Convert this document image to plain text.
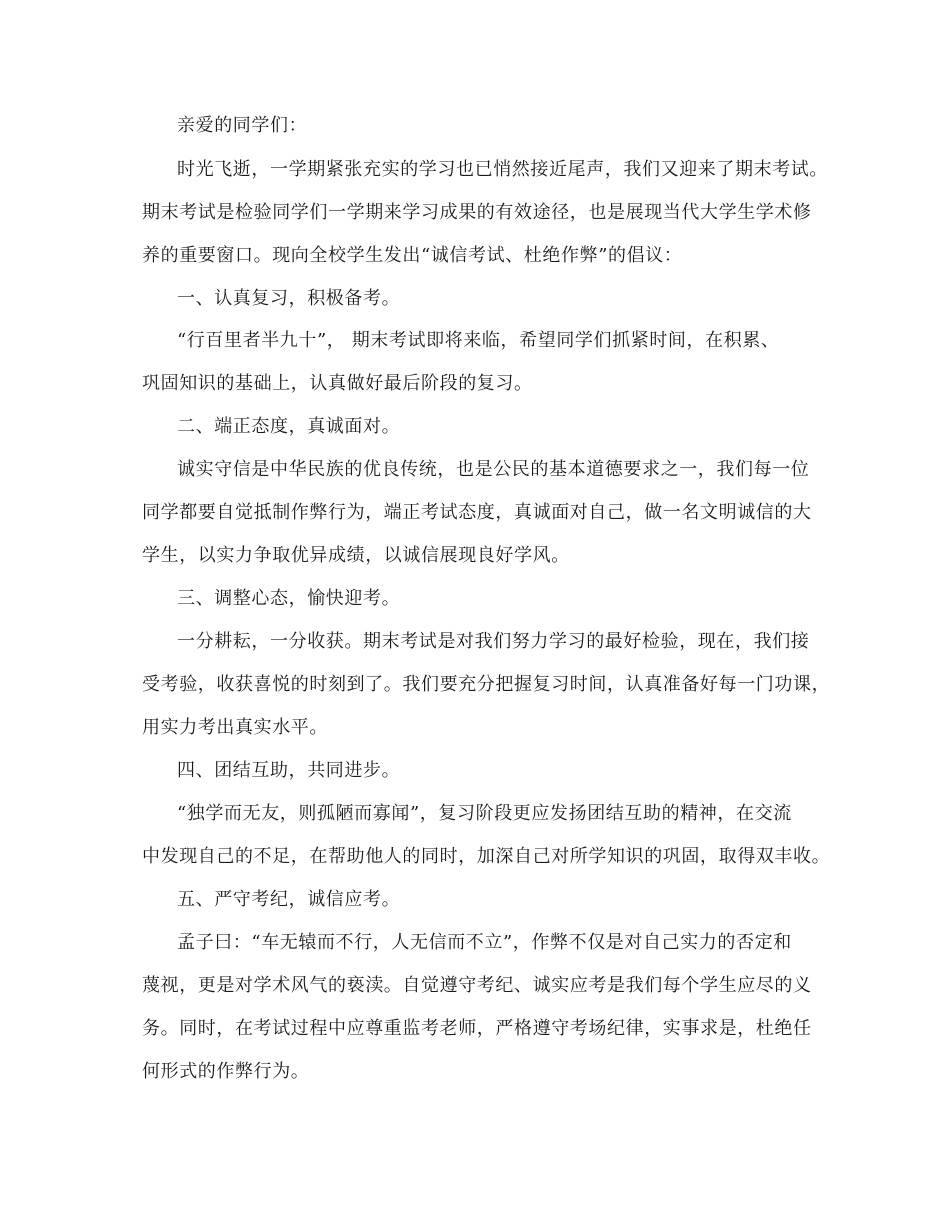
亲爱的同学们：

时光飞逝，一学期紧张充实的学习也已悄然接近尾声，我们又迎来了期末考试。

期末考试是检验同学们一学期来学习成果的有效途径，也是展现当代大学生学术修

养的重要窗口。现向全校学生发出“诚信考试、杜绝作弊”的倡议：

一、认真复习，积极备考。

“行百里者半九十”， 期末考试即将来临，希望同学们抓紧时间，在积累、

巩固知识的基础上，认真做好最后阶段的复习。

二、端正态度，真诚面对。

诚实守信是中华民族的优良传统，也是公民的基本道德要求之一，我们每一位

同学都要自觉抵制作弊行为，端正考试态度，真诚面对自己，做一名文明诚信的大

学生，以实力争取优异成绩，以诚信展现良好学风。

三、调整心态，愉快迎考。

一分耕耘，一分收获。期末考试是对我们努力学习的最好检验，现在，我们接

受考验，收获喜悦的时刻到了。我们要充分把握复习时间，认真准备好每一门功课，

用实力考出真实水平。

四、团结互助，共同进步。

“独学而无友，则孤陋而寡闻”，复习阶段更应发扬团结互助的精神，在交流

中发现自己的不足，在帮助他人的同时，加深自己对所学知识的巩固，取得双丰收。

五、严守考纪，诚信应考。

孟子曰：“车无辕而不行，人无信而不立”，作弊不仅是对自己实力的否定和

蔑视，更是对学术风气的亵渎。自觉遵守考纪、诚实应考是我们每个学生应尽的义

务。同时，在考试过程中应尊重监考老师，严格遵守考场纪律，实事求是，杜绝任

何形式的作弊行为。
